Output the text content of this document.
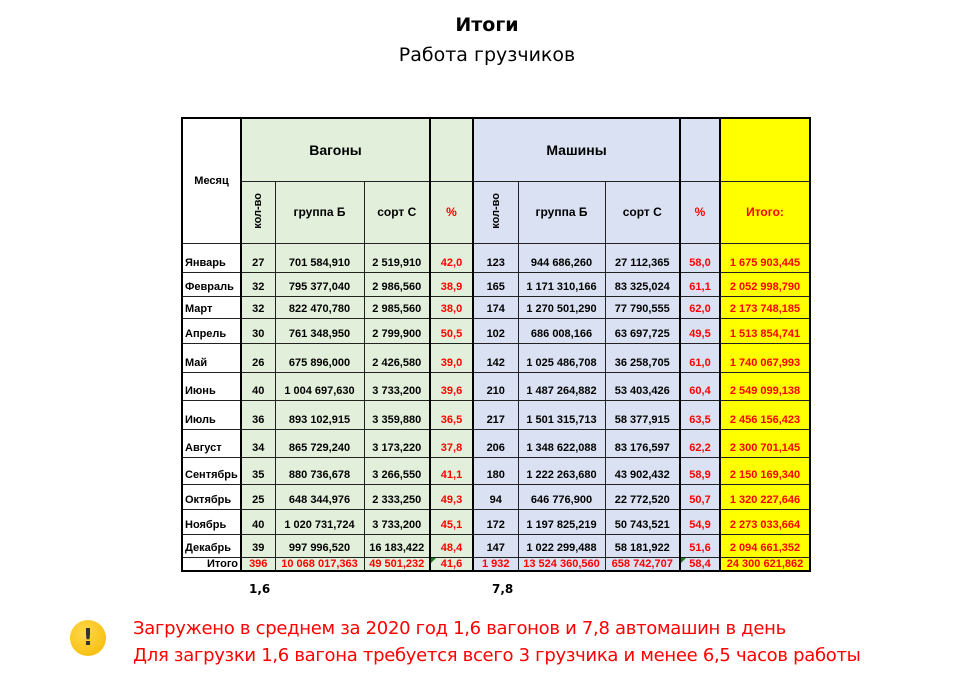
Итоги
Работа грузчиков
Месяц	Вагоны				Машины				
	кол-во	группа Б	сорт С	%	кол-во	группа Б	сорт С	%	Итого:
Январь	27	701 584,910	2 519,910	42,0	123	944 686,260	27 112,365	58,0	1 675 903,445
Февраль	32	795 377,040	2 986,560	38,9	165	1 171 310,166	83 325,024	61,1	2 052 998,790
Март	32	822 470,780	2 985,560	38,0	174	1 270 501,290	77 790,555	62,0	2 173 748,185
Апрель	30	761 348,950	2 799,900	50,5	102	686 008,166	63 697,725	49,5	1 513 854,741
Май	26	675 896,000	2 426,580	39,0	142	1 025 486,708	36 258,705	61,0	1 740 067,993
Июнь	40	1 004 697,630	3 733,200	39,6	210	1 487 264,882	53 403,426	60,4	2 549 099,138
Июль	36	893 102,915	3 359,880	36,5	217	1 501 315,713	58 377,915	63,5	2 456 156,423
Август	34	865 729,240	3 173,220	37,8	206	1 348 622,088	83 176,597	62,2	2 300 701,145
Сентябрь	35	880 736,678	3 266,550	41,1	180	1 222 263,680	43 902,432	58,9	2 150 169,340
Октябрь	25	648 344,976	2 333,250	49,3	94	646 776,900	22 772,520	50,7	1 320 227,646
Ноябрь	40	1 020 731,724	3 733,200	45,1	172	1 197 825,219	50 743,521	54,9	2 273 033,664
Декабрь	39	997 996,520	16 183,422	48,4	147	1 022 299,488	58 181,922	51,6	2 094 661,352
Итого	396	10 068 017,363	49 501,232	41,6	1 932	13 524 360,560	658 742,707	58,4	24 300 621,862
1,6	7,8
!	Загружено в среднем за 2020 год 1,6 вагонов и 7,8 автомашин в день
Для загрузки 1,6 вагона требуется всего 3 грузчика и менее 6,5 часов работы
